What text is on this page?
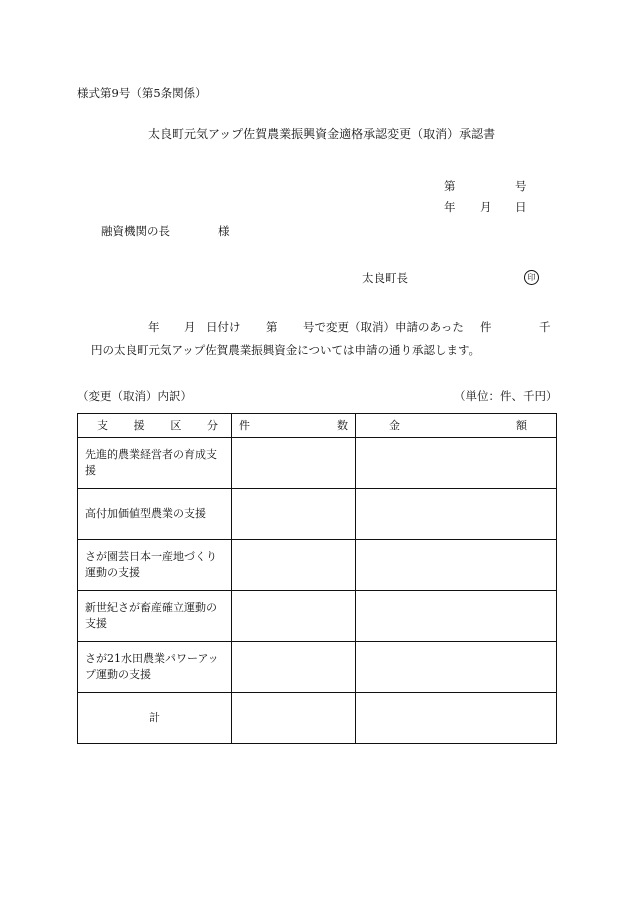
様式第9号（第5条関係）
太良町元気アップ佐賀農業振興資金適格承認変更（取消）承認書
第	号
年 月 日
融資機関の長	様
太良町長	印
年 月 日付け 第 号で変更（取消）申請のあった 件	千
円の太良町元気アップ佐賀農業振興資金については申請の通り承認します。
（変更（取消）内訳）	（単位：件、千円）
支 援 区 分	件 数	金 額

先進的農業経営者の育成支援		
高付加価値型農業の支援		
さが園芸日本一産地づくり運動の支援		
新世紀さが畜産確立運動の支援		
さが21水田農業パワーアップ運動の支援		
計		
